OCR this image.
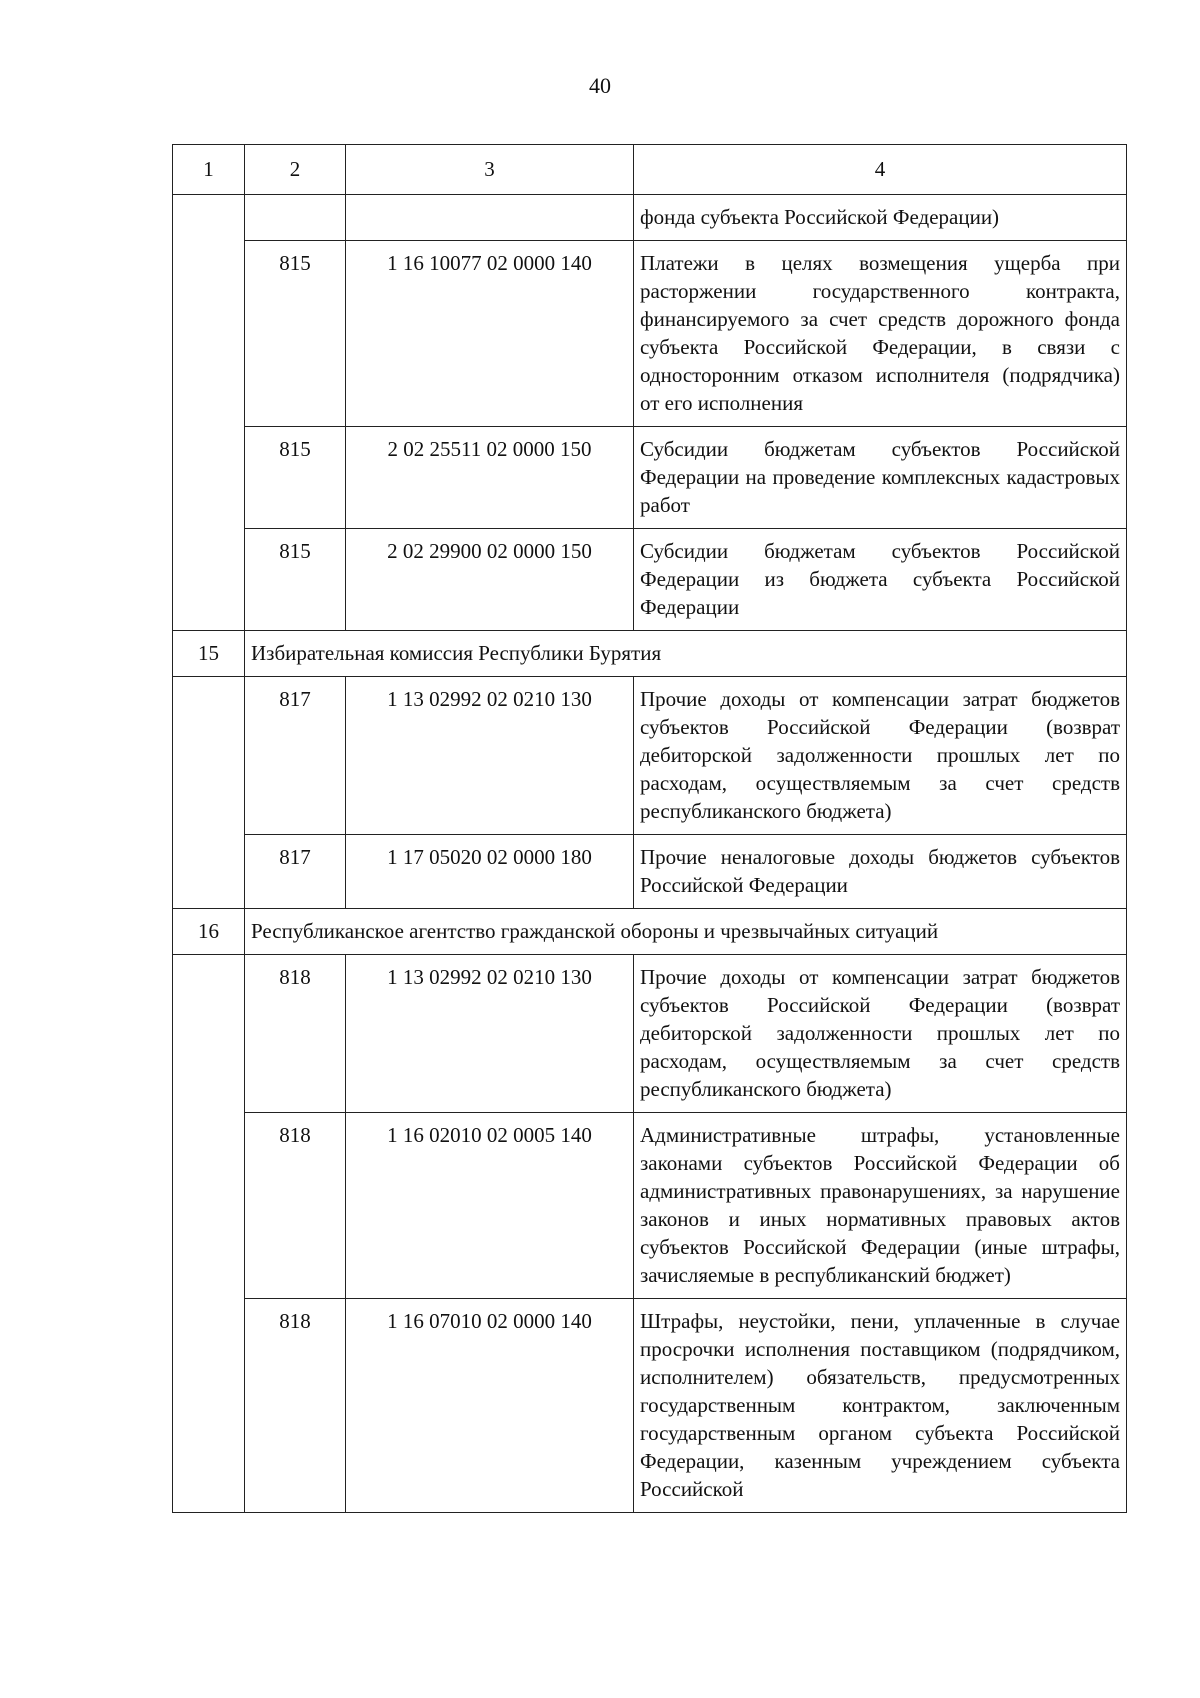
40
1	2	3	4
			фонда субъекта Российской Федерации)
	815	1 16 10077 02 0000 140	Платежи в целях возмещения ущерба при расторжении государственного контракта, финансируемого за счет средств дорожного фонда субъекта Российской Федерации, в связи с односторонним отказом исполнителя (подрядчика) от его исполнения
	815	2 02 25511 02 0000 150	Субсидии бюджетам субъектов Российской Федерации на проведение комплексных кадастровых работ
	815	2 02 29900 02 0000 150	Субсидии бюджетам субъектов Российской Федерации из бюджета субъекта Российской Федерации
15	Избирательная комиссия Республики Бурятия		
	817	1 13 02992 02 0210 130	Прочие доходы от компенсации затрат бюджетов субъектов Российской Федерации (возврат дебиторской задолженности прошлых лет по расходам, осуществляемым за счет средств республиканского бюджета)
	817	1 17 05020 02 0000 180	Прочие неналоговые доходы бюджетов субъектов Российской Федерации
16	Республиканское агентство гражданской обороны и чрезвычайных ситуаций		
	818	1 13 02992 02 0210 130	Прочие доходы от компенсации затрат бюджетов субъектов Российской Федерации (возврат дебиторской задолженности прошлых лет по расходам, осуществляемым за счет средств республиканского бюджета)
	818	1 16 02010 02 0005 140	Административные штрафы, установленные законами субъектов Российской Федерации об административных правонарушениях, за нарушение законов и иных нормативных правовых актов субъектов Российской Федерации (иные штрафы, зачисляемые в республиканский бюджет)
	818	1 16 07010 02 0000 140	Штрафы, неустойки, пени, уплаченные в случае просрочки исполнения поставщиком (подрядчиком, исполнителем) обязательств, предусмотренных государственным контрактом, заключенным государственным органом субъекта Российской Федерации, казенным учреждением субъекта Российской
